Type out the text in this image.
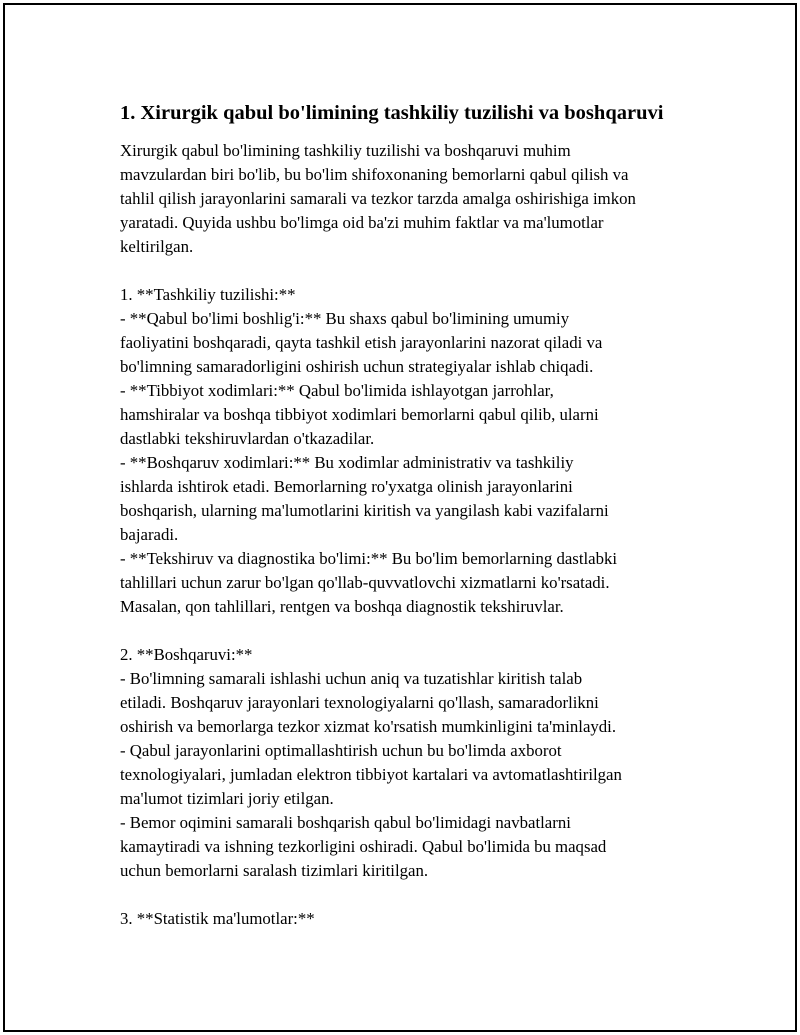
1. Xirurgik qabul bo'limining tashkiliy tuzilishi va boshqaruvi

Xirurgik qabul bo'limining tashkiliy tuzilishi va boshqaruvi muhim
mavzulardan biri bo'lib, bu bo'lim shifoxonaning bemorlarni qabul qilish va
tahlil qilish jarayonlarini samarali va tezkor tarzda amalga oshirishiga imkon
yaratadi. Quyida ushbu bo'limga oid ba'zi muhim faktlar va ma'lumotlar
keltirilgan.

1. **Tashkiliy tuzilishi:**
- **Qabul bo'limi boshlig'i:** Bu shaxs qabul bo'limining umumiy
faoliyatini boshqaradi, qayta tashkil etish jarayonlarini nazorat qiladi va
bo'limning samaradorligini oshirish uchun strategiyalar ishlab chiqadi.
- **Tibbiyot xodimlari:** Qabul bo'limida ishlayotgan jarrohlar,
hamshiralar va boshqa tibbiyot xodimlari bemorlarni qabul qilib, ularni
dastlabki tekshiruvlardan o'tkazadilar.
- **Boshqaruv xodimlari:** Bu xodimlar administrativ va tashkiliy
ishlarda ishtirok etadi. Bemorlarning ro'yxatga olinish jarayonlarini
boshqarish, ularning ma'lumotlarini kiritish va yangilash kabi vazifalarni
bajaradi.
- **Tekshiruv va diagnostika bo'limi:** Bu bo'lim bemorlarning dastlabki
tahlillari uchun zarur bo'lgan qo'llab-quvvatlovchi xizmatlarni ko'rsatadi.
Masalan, qon tahlillari, rentgen va boshqa diagnostik tekshiruvlar.

2. **Boshqaruvi:**
- Bo'limning samarali ishlashi uchun aniq va tuzatishlar kiritish talab
etiladi. Boshqaruv jarayonlari texnologiyalarni qo'llash, samaradorlikni
oshirish va bemorlarga tezkor xizmat ko'rsatish mumkinligini ta'minlaydi.
- Qabul jarayonlarini optimallashtirish uchun bu bo'limda axborot
texnologiyalari, jumladan elektron tibbiyot kartalari va avtomatlashtirilgan
ma'lumot tizimlari joriy etilgan.
- Bemor oqimini samarali boshqarish qabul bo'limidagi navbatlarni
kamaytiradi va ishning tezkorligini oshiradi. Qabul bo'limida bu maqsad
uchun bemorlarni saralash tizimlari kiritilgan.

3. **Statistik ma'lumotlar:**
